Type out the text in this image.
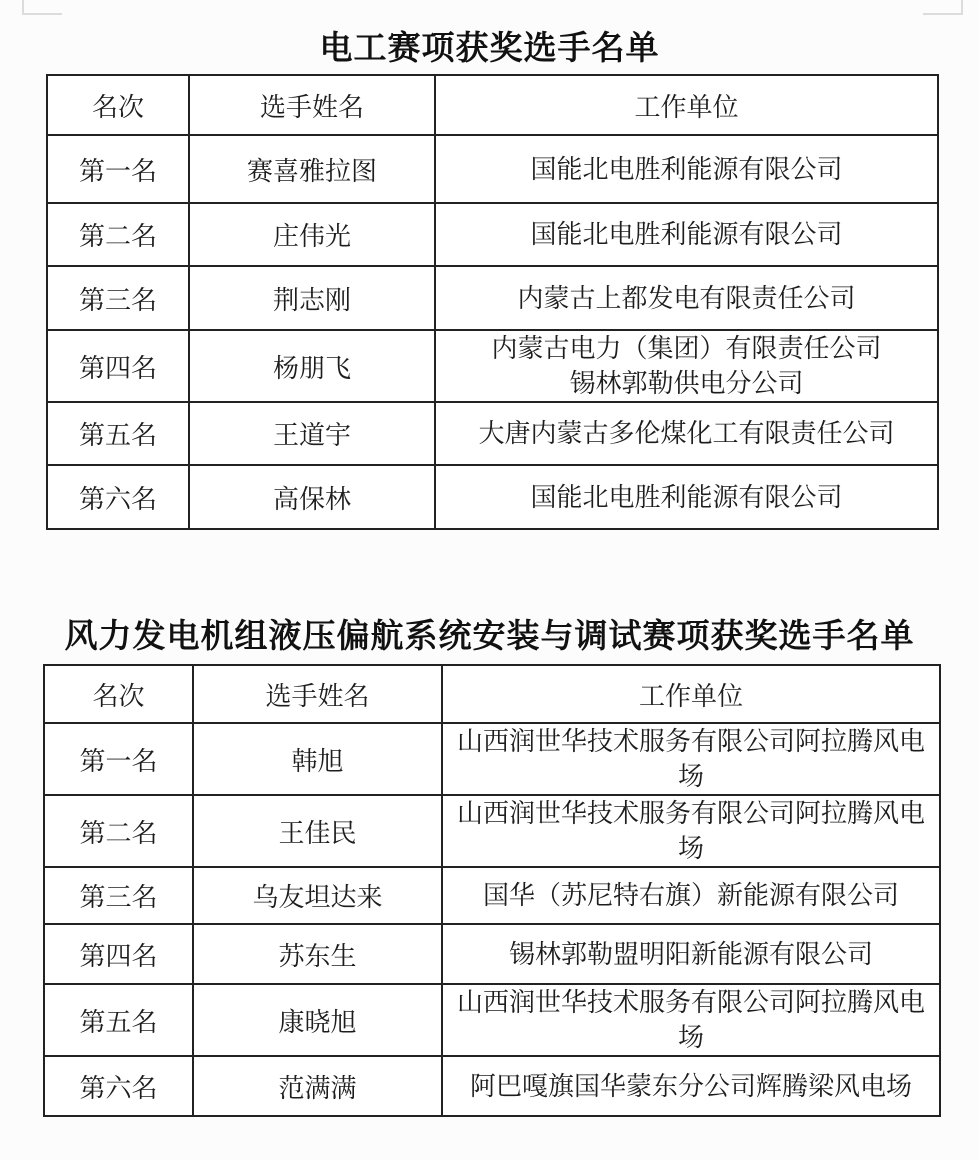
电工赛项获奖选手名单
名次	选手姓名	工作单位
第一名	赛喜雅拉图	国能北电胜利能源有限公司

第二名	庄伟光	国能北电胜利能源有限公司

第三名	荆志刚	内蒙古上都发电有限责任公司

第四名	杨朋飞	内蒙古电力（集团）有限责任公司
锡林郭勒供电分公司

第五名	王道宇	大唐内蒙古多伦煤化工有限责任公司

第六名	高保林	国能北电胜利能源有限公司
风力发电机组液压偏航系统安装与调试赛项获奖选手名单
名次	选手姓名	工作单位
第一名	韩旭	山西润世华技术服务有限公司阿拉腾风电场

第二名	王佳民	山西润世华技术服务有限公司阿拉腾风电场

第三名	乌友坦达来	国华（苏尼特右旗）新能源有限公司

第四名	苏东生	锡林郭勒盟明阳新能源有限公司

第五名	康晓旭	山西润世华技术服务有限公司阿拉腾风电场

第六名	范满满	阿巴嘎旗国华蒙东分公司辉腾梁风电场
